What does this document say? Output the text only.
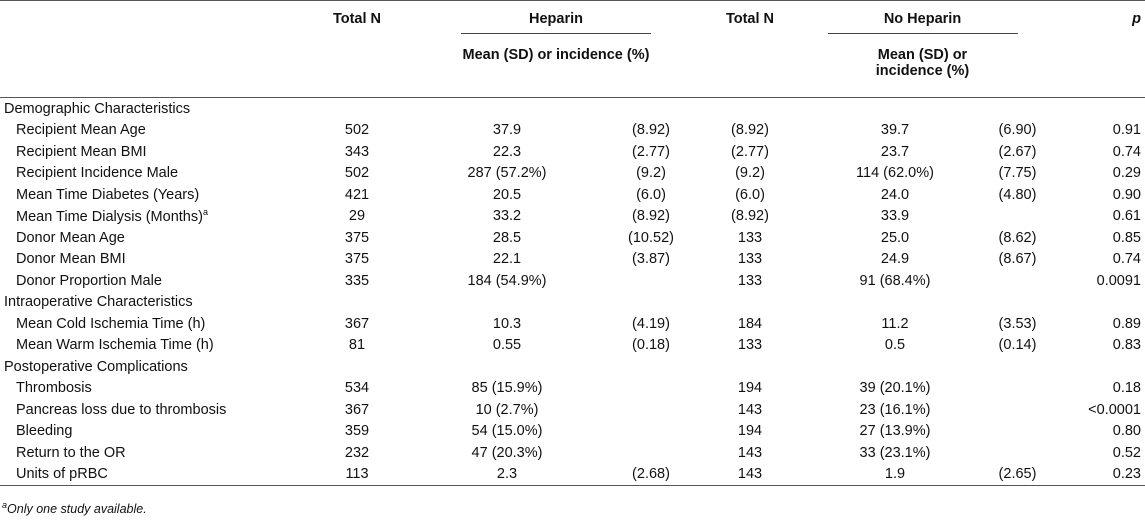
	Total N	Heparin		Total N	No Heparin		p
		Mean (SD) or incidence (%)			Mean (SD) or
incidence (%)		

Demographic Characteristics							
Recipient Mean Age	502	37.9	(8.92)	(8.92)	39.7	(6.90)	0.91
Recipient Mean BMI	343	22.3	(2.77)	(2.77)	23.7	(2.67)	0.74
Recipient Incidence Male	502	287 (57.2%)	(9.2)	(9.2)	114 (62.0%)	(7.75)	0.29
Mean Time Diabetes (Years)	421	20.5	(6.0)	(6.0)	24.0	(4.80)	0.90
Mean Time Dialysis (Months)$^a$	29	33.2	(8.92)	(8.92)	33.9		0.61
Donor Mean Age	375	28.5	(10.52)	133	25.0	(8.62)	0.85
Donor Mean BMI	375	22.1	(3.87)	133	24.9	(8.67)	0.74
Donor Proportion Male	335	184 (54.9%)		133	91 (68.4%)		0.0091
Intraoperative Characteristics							
Mean Cold Ischemia Time (h)	367	10.3	(4.19)	184	11.2	(3.53)	0.89
Mean Warm Ischemia Time (h)	81	0.55	(0.18)	133	0.5	(0.14)	0.83
Postoperative Complications							
Thrombosis	534	85 (15.9%)		194	39 (20.1%)		0.18
Pancreas loss due to thrombosis	367	10 (2.7%)		143	23 (16.1%)		<0.0001
Bleeding	359	54 (15.0%)		194	27 (13.9%)		0.80
Return to the OR	232	47 (20.3%)		143	33 (23.1%)		0.52
Units of pRBC	113	2.3	(2.68)	143	1.9	(2.65)	0.23
$^a$Only one study available.
